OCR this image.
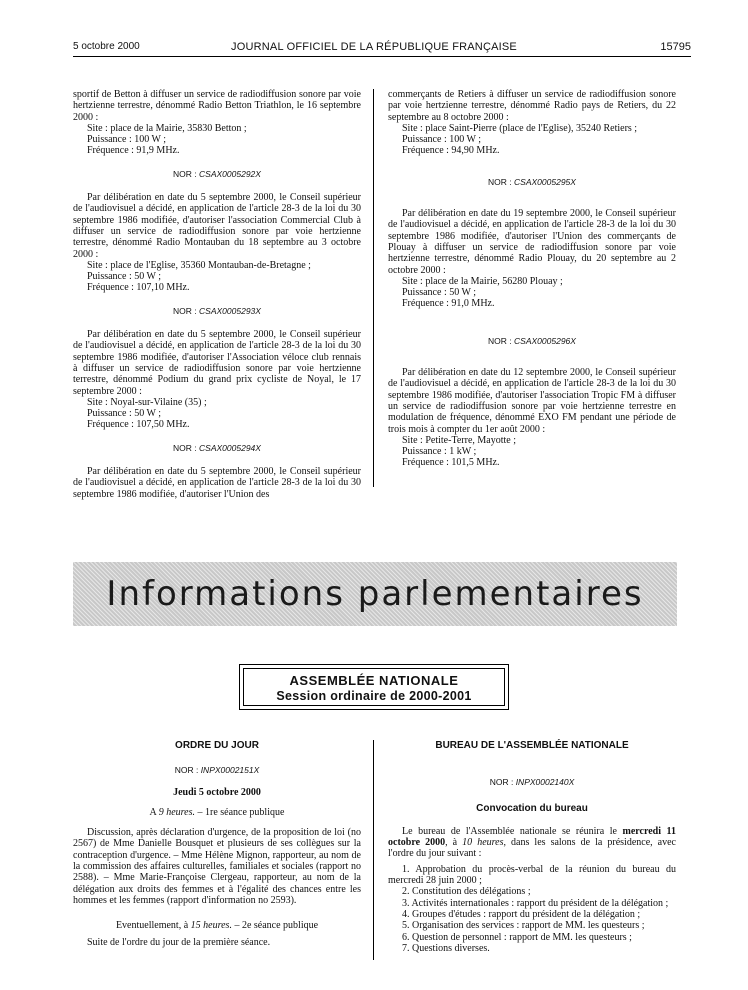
5 octobre 2000	JOURNAL OFFICIEL DE LA RÉPUBLIQUE FRANÇAISE	15795

sportif de Betton à diffuser un service de radiodiffusion sonore par voie hertzienne terrestre, dénommé Radio Betton Triathlon, le 16 septembre 2000 :

Site : place de la Mairie, 35830 Betton ;

Puissance : 100 W ;

Fréquence : 91,9 MHz.

NOR : CSAX0005292X

Par délibération en date du 5 septembre 2000, le Conseil supérieur de l'audiovisuel a décidé, en application de l'article 28-3 de la loi du 30 septembre 1986 modifiée, d'autoriser l'association Commercial Club à diffuser un service de radiodiffusion sonore par voie hertzienne terrestre, dénommé Radio Montauban du 18 septembre au 3 octobre 2000 :

Site : place de l'Eglise, 35360 Montauban-de-Bretagne ;

Puissance : 50 W ;

Fréquence : 107,10 MHz.

NOR : CSAX0005293X

Par délibération en date du 5 septembre 2000, le Conseil supérieur de l'audiovisuel a décidé, en application de l'article 28-3 de la loi du 30 septembre 1986 modifiée, d'autoriser l'Association véloce club rennais à diffuser un service de radiodiffusion sonore par voie hertzienne terrestre, dénommé Podium du grand prix cycliste de Noyal, le 17 septembre 2000 :

Site : Noyal-sur-Vilaine (35) ;

Puissance : 50 W ;

Fréquence : 107,50 MHz.

NOR : CSAX0005294X

Par délibération en date du 5 septembre 2000, le Conseil supérieur de l'audiovisuel a décidé, en application de l'article 28-3 de la loi du 30 septembre 1986 modifiée, d'autoriser l'Union des

commerçants de Retiers à diffuser un service de radiodiffusion sonore par voie hertzienne terrestre, dénommé Radio pays de Retiers, du 22 septembre au 8 octobre 2000 :

Site : place Saint-Pierre (place de l'Eglise), 35240 Retiers ;

Puissance : 100 W ;

Fréquence : 94,90 MHz.

NOR : CSAX0005295X

Par délibération en date du 19 septembre 2000, le Conseil supérieur de l'audiovisuel a décidé, en application de l'article 28-3 de la loi du 30 septembre 1986 modifiée, d'autoriser l'Union des commerçants de Plouay à diffuser un service de radiodiffusion sonore par voie hertzienne terrestre, dénommé Radio Plouay, du 20 septembre au 2 octobre 2000 :

Site : place de la Mairie, 56280 Plouay ;

Puissance : 50 W ;

Fréquence : 91,0 MHz.

NOR : CSAX0005296X

Par délibération en date du 12 septembre 2000, le Conseil supérieur de l'audiovisuel a décidé, en application de l'article 28-3 de la loi du 30 septembre 1986 modifiée, d'autoriser l'association Tropic FM à diffuser un service de radiodiffusion sonore par voie hertzienne terrestre en modulation de fréquence, dénommé EXO FM pendant une période de trois mois à compter du 1er août 2000 :

Site : Petite-Terre, Mayotte ;

Puissance : 1 kW ;

Fréquence : 101,5 MHz.

Informations parlementaires
ASSEMBLÉE NATIONALE
Session ordinaire de 2000-2001
ORDRE DU JOUR
NOR : INPX0002151X

Jeudi 5 octobre 2000

A 9 heures. – 1re séance publique

Discussion, après déclaration d'urgence, de la proposition de loi (no 2567) de Mme Danielle Bousquet et plusieurs de ses collègues sur la contraception d'urgence. – Mme Hélène Mignon, rapporteur, au nom de la commission des affaires culturelles, familiales et sociales (rapport no 2588). – Mme Marie-Françoise Clergeau, rapporteur, au nom de la délégation aux droits des femmes et à l'égalité des chances entre les hommes et les femmes (rapport d'information no 2593).

Eventuellement, à 15 heures. – 2e séance publique

Suite de l'ordre du jour de la première séance.

BUREAU DE L'ASSEMBLÉE NATIONALE
NOR : INPX0002140X
Convocation du bureau

Le bureau de l'Assemblée nationale se réunira le mercredi 11 octobre 2000, à 10 heures, dans les salons de la présidence, avec l'ordre du jour suivant :

1. Approbation du procès-verbal de la réunion du bureau du mercredi 28 juin 2000 ;

2. Constitution des délégations ;

3. Activités internationales : rapport du président de la délégation ;

4. Groupes d'études : rapport du président de la délégation ;

5. Organisation des services : rapport de MM. les questeurs ;

6. Question de personnel : rapport de MM. les questeurs ;

7. Questions diverses.
